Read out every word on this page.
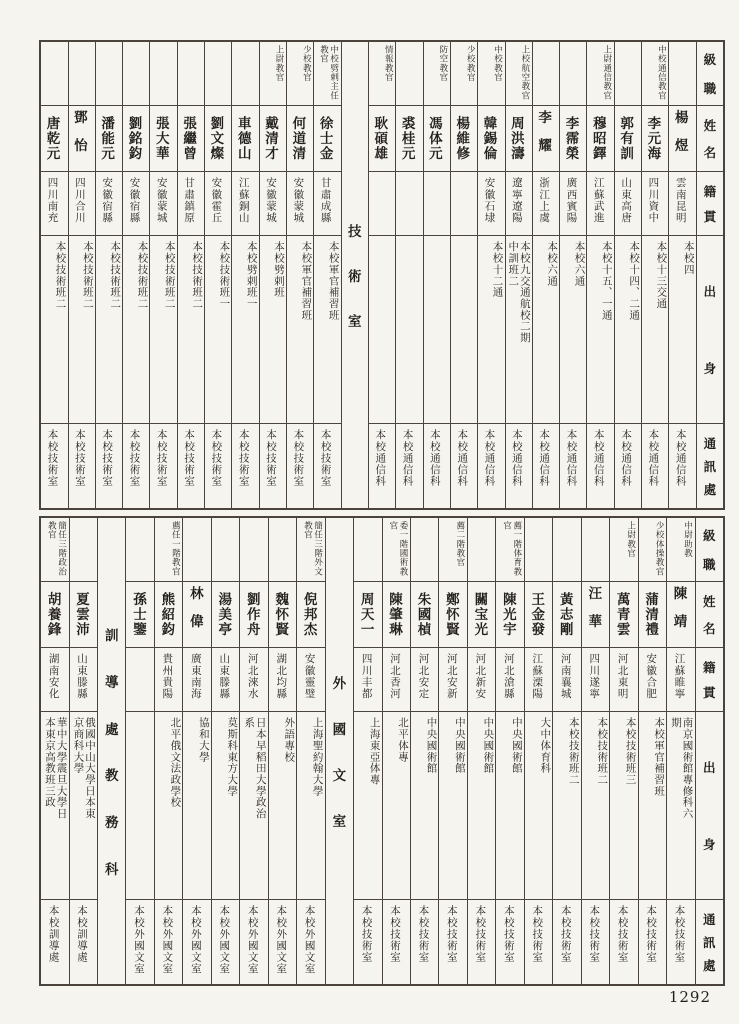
級
職
姓
名
籍
貫
出
身
通
訊
處
楊煜
雲南昆明
本校四
本校通信科
中校通信教官
李元海
四川資中
本校十三交通
本校通信科
郭有訓
山東高唐
本校十四、二通
本校通信科
上尉通信教官
穆昭鐸
江蘇武進
本校十五、一通
本校通信科
李霈榮
廣西賓陽
本校六通
本校通信科
李耀
浙江上虞
本校六通
本校通信科
上校航空教官
周洪濤
遼寧遼陽
本校九交通航校二期中訓班二
本校通信科
中校教官
韓錫倫
安徽石埭
本校十二通
本校通信科
少校教官
楊維修
本校通信科
防空教官
馮体元
本校通信科
裘桂元
本校通信科
情報教官
耿碩雄
本校通信科
技
術
室
中校劈剌主任教官
徐士金
甘肅成縣
本校軍官補習班
本校技術室
少校教官
何道清
安徽蒙城
本校軍官補習班
本校技術室
上尉教官
戴清才
安徽蒙城
本校劈剌班
本校技術室
車德山
江蘇銅山
本校劈剌班一
本校技術室
劉文燦
安徽霍丘
本校技術班一
本校技術室
張繼曾
甘肅鎮原
本校技術班二
本校技術室
張大華
安徽蒙城
本校技術班二
本校技術室
劉銘鈞
安徽宿縣
本校技術班二
本校技術室
潘能元
安徽宿縣
本校技術班二
本校技術室
鄧怡
四川合川
本校技術班二
本校技術室
唐乾元
四川南充
本校技術班二
本校技術室
級
職
姓
名
籍
貫
出
身
通
訊
處
中尉助教
陳靖
江蘇睢寧
南京國術館專修科六期
本校技術室
少校体操教官
蒲清禮
安徽合肥
本校軍官補習班
本校技術室
上尉教官
萬青雲
河北東明
本校技術班三
本校技術室
汪華
四川遂寧
本校技術班二
本校技術室
黃志剛
河南襄城
本校技術班二
本校技術室
王金發
江蘇溧陽
大中体育科
本校技術室
薦一階体育教官
陳光宇
河北滄縣
中央國術館
本校技術室
關宝光
河北新安
中央國術館
本校技術室
薦二階教官
鄭怀賢
河北安新
中央國術館
本校技術室
朱國楨
河北安定
中央國術館
本校技術室
委一階國術教官
陳肇琳
河北香河
北平体專
本校技術室
周天一
四川丰都
上海東亞体專
本校技術室
外
國
文
室
簡任三階外文教官
倪邦杰
安徽靈璧
上海聖約翰大學
本校外國文室
魏怀賢
湖北均縣
外語專校
本校外國文室
劉作舟
河北淶水
日本早稻田大學政治系
本校外國文室
湯美亭
山東滕縣
莫斯科東方大學
本校外國文室
林偉
廣東南海
協和大學
本校外國文室
薦任一階教官
熊紹鈞
貴州貴陽
北平俄文法政學校
本校外國文室
孫士鑒
本校外國文室
訓
導
處
教
務
科
夏雲沛
山東滕縣
俄國中山大學日本東京商科大學
本校訓導處
簡任三階政治教官
胡養鋒
湖南安化
華中大學震旦大學日本東京高教班三政
本校訓導處
1292
